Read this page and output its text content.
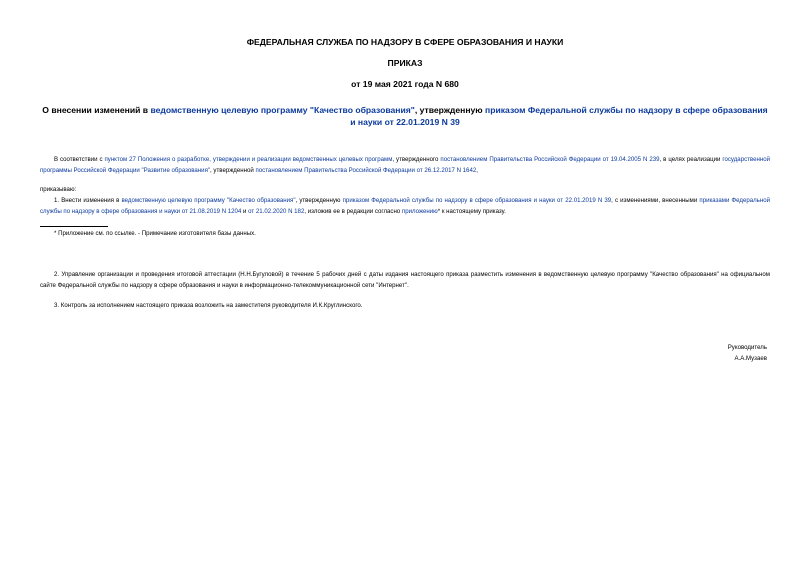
ФЕДЕРАЛЬНАЯ СЛУЖБА ПО НАДЗОРУ В СФЕРЕ ОБРАЗОВАНИЯ И НАУКИ
ПРИКАЗ
от 19 мая 2021 года N 680
О внесении изменений в ведомственную целевую программу "Качество образования", утвержденную приказом Федеральной службы по надзору в сфере образования и науки от 22.01.2019 N 39
В соответствии с пунктом 27 Положения о разработке, утверждении и реализации ведомственных целевых программ, утвержденного постановлением Правительства Российской Федерации от 19.04.2005 N 239, в целях реализации государственной программы Российской Федерации "Развитие образования", утвержденной постановлением Правительства Российской Федерации от 26.12.2017 N 1642,
приказываю:
1. Внести изменения в ведомственную целевую программу "Качество образования", утвержденную приказом Федеральной службы по надзору в сфере образования и науки от 22.01.2019 N 39, с изменениями, внесенными приказами Федеральной службы по надзору в сфере образования и науки от 21.08.2019 N 1204 и от 21.02.2020 N 182, изложив ее в редакции согласно приложению* к настоящему приказу.
* Приложение см. по ссылке. - Примечание изготовителя базы данных.
2. Управление организации и проведения итоговой аттестации (Н.Н.Бугуловой) в течение 5 рабочих дней с даты издания настоящего приказа разместить изменения в ведомственную целевую программу "Качество образования" на официальном сайте Федеральной службы по надзору в сфере образования и науки в информационно-телекоммуникационной сети "Интернет".
3. Контроль за исполнением настоящего приказа возложить на заместителя руководителя И.К.Круглинского.
Руководитель
А.А.Музаев
